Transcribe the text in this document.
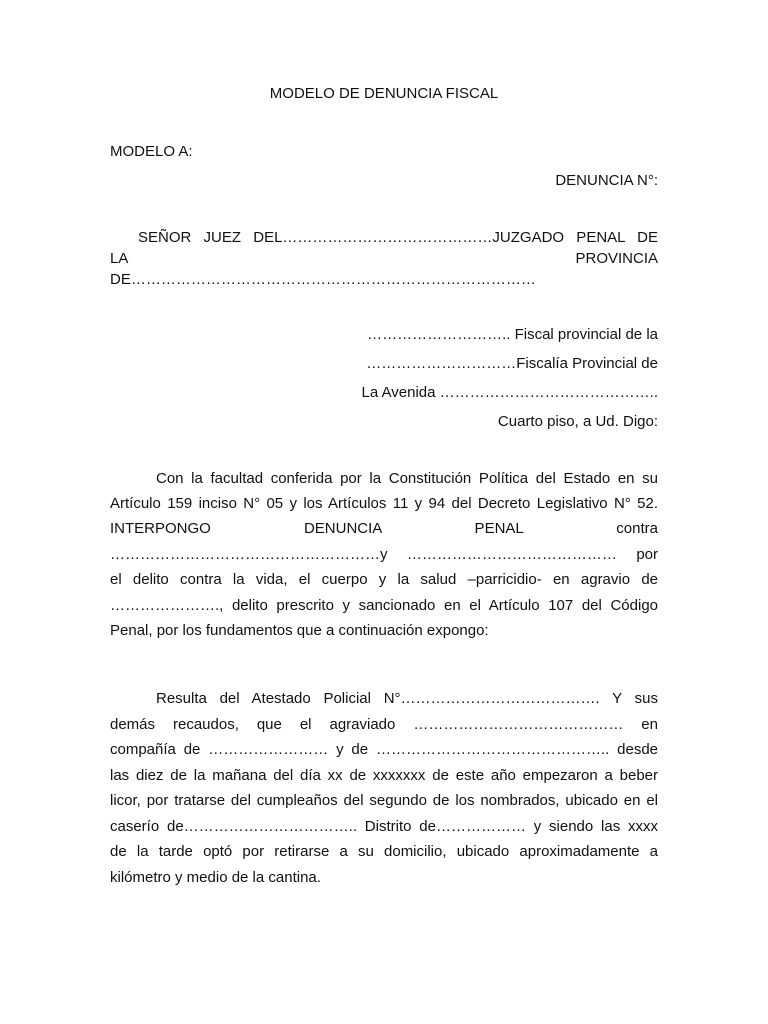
MODELO DE DENUNCIA FISCAL

MODELO A:

DENUNCIA N°:

SEÑOR JUEZ DEL……………………………………JUZGADO PENAL DE

LA	PROVINCIA

DE………………………………………………………………………

……………………….. Fiscal provincial de la

…………………………Fiscalía Provincial de

La Avenida ……………………………………..

Cuarto piso, a Ud. Digo:

Con la facultad conferida por la Constitución Política del Estado en su

Artículo 159 inciso N° 05 y los Artículos 11 y 94 del Decreto Legislativo N° 52.

INTERPONGO DENUNCIA PENAL contra

………………………………………………y …………………………………… por

el delito contra la vida, el cuerpo y la salud –parricidio- en agravio de

…………………., delito prescrito y sancionado en el Artículo 107 del Código

Penal, por los fundamentos que a continuación expongo:

Resulta del Atestado Policial N°…………………………………. Y sus

demás recaudos, que el agraviado …………………………………… en

compañía de …………………… y de ……………………………………….. desde

las diez de la mañana del día xx de xxxxxxx de este año empezaron a beber

licor, por tratarse del cumpleaños del segundo de los nombrados, ubicado en el

caserío de…………………………….. Distrito de……………… y siendo las xxxx

de la tarde optó por retirarse a su domicilio, ubicado aproximadamente a

kilómetro y medio de la cantina.
